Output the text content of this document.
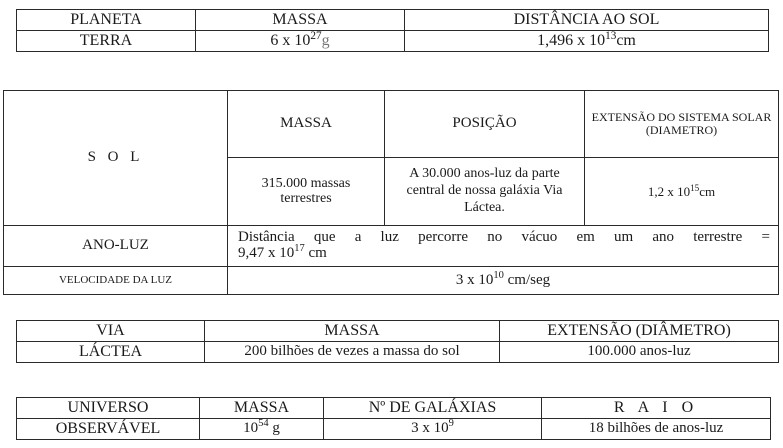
PLANETA	MASSA	DISTÂNCIA AO SOL
TERRA	6 x $10^{27}g$	1,496 x $10^{13}cm$
S O L	MASSA	POSIÇÃO	EXTENSÃO DO SISTEMA SOLAR (DIAMETRO)
	315.000 massas terrestres	A 30.000 anos-luz da parte central de nossa galáxia Via Láctea.	1,2 x $10^{15}cm$
ANO-LUZ	Distância que a luz percorre no vácuo em um ano terrestre =
9,47 x $10^{17}$ cm		

VELOCIDADE DA LUZ	3 x $10^{10}$ cm/seg		
VIA	MASSA	EXTENSÃO (DIÂMETRO)
LÁCTEA	200 bilhões de vezes a massa do sol	100.000 anos-luz
UNIVERSO	MASSA	Nº DE GALÁXIAS	R A I O
OBSERVÁVEL	$10^{54}$ g	3 x $10^9$	18 bilhões de anos-luz
